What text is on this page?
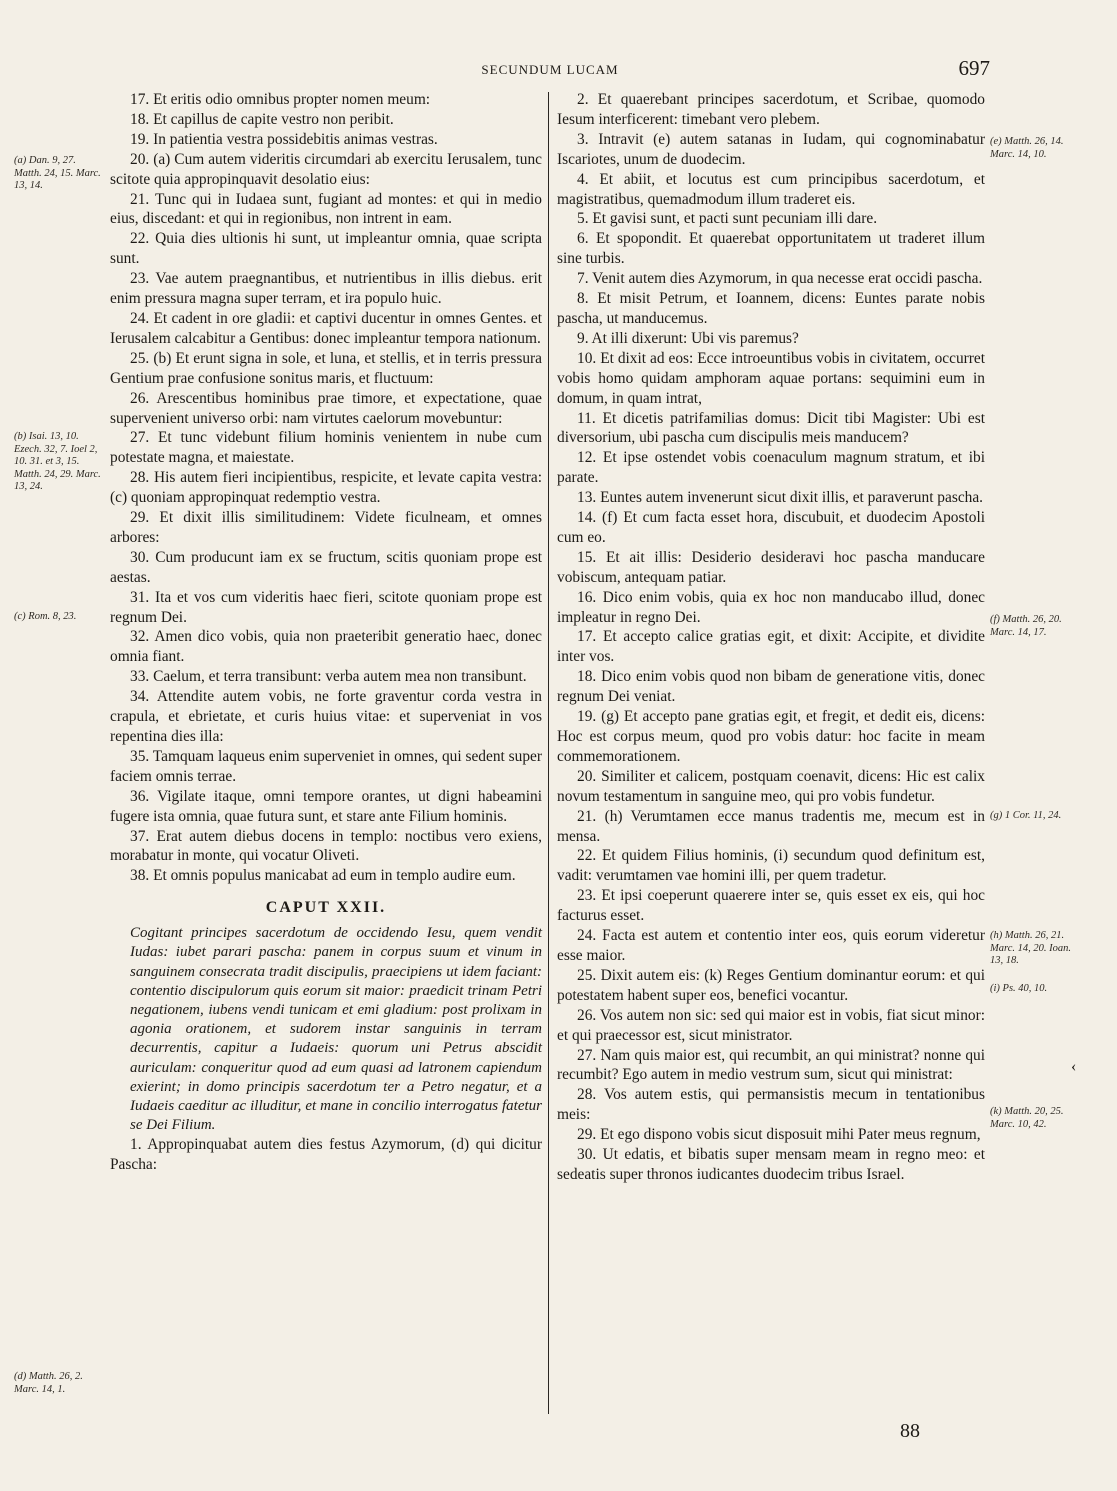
SECUNDUM LUCAM	697
(a) Dan. 9, 27. Matth. 24, 15. Marc. 13, 14.
(b) Isai. 13, 10. Ezech. 32, 7. Ioel 2, 10. 31. et 3, 15. Matth. 24, 29. Marc. 13, 24.
(c) Rom. 8, 23.
(d) Matth. 26, 2. Marc. 14, 1.
(e) Matth. 26, 14. Marc. 14, 10.
(f) Matth. 26, 20. Marc. 14, 17.
(g) 1 Cor. 11, 24.
(h) Matth. 26, 21. Marc. 14, 20. Ioan. 13, 18.
(i) Ps. 40, 10.
(k) Matth. 20, 25. Marc. 10, 42.

17. Et eritis odio omnibus propter nomen meum:

18. Et capillus de capite vestro non peribit.

19. In patientia vestra possidebitis animas vestras.

20. (a) Cum autem videritis circumdari ab exercitu Ierusalem, tunc scitote quia appropinquavit desolatio eius:

21. Tunc qui in Iudaea sunt, fugiant ad montes: et qui in medio eius, discedant: et qui in regionibus, non intrent in eam.

22. Quia dies ultionis hi sunt, ut impleantur omnia, quae scripta sunt.

23. Vae autem praegnantibus, et nutrientibus in illis diebus. erit enim pressura magna super terram, et ira populo huic.

24. Et cadent in ore gladii: et captivi ducentur in omnes Gentes. et Ierusalem calcabitur a Gentibus: donec impleantur tempora nationum.

25. (b) Et erunt signa in sole, et luna, et stellis, et in terris pressura Gentium prae confusione sonitus maris, et fluctuum:

26. Arescentibus hominibus prae timore, et expectatione, quae supervenient universo orbi: nam virtutes caelorum movebuntur:

27. Et tunc videbunt filium hominis venientem in nube cum potestate magna, et maiestate.

28. His autem fieri incipientibus, respicite, et levate capita vestra: (c) quoniam appropinquat redemptio vestra.

29. Et dixit illis similitudinem: Videte ficulneam, et omnes arbores:

30. Cum producunt iam ex se fructum, scitis quoniam prope est aestas.

31. Ita et vos cum videritis haec fieri, scitote quoniam prope est regnum Dei.

32. Amen dico vobis, quia non praeteribit generatio haec, donec omnia fiant.

33. Caelum, et terra transibunt: verba autem mea non transibunt.

34. Attendite autem vobis, ne forte graventur corda vestra in crapula, et ebrietate, et curis huius vitae: et superveniat in vos repentina dies illa:

35. Tamquam laqueus enim superveniet in omnes, qui sedent super faciem omnis terrae.

36. Vigilate itaque, omni tempore orantes, ut digni habeamini fugere ista omnia, quae futura sunt, et stare ante Filium hominis.

37. Erat autem diebus docens in templo: noctibus vero exiens, morabatur in monte, qui vocatur Oliveti.

38. Et omnis populus manicabat ad eum in templo audire eum.

CAPUT XXII.

Cogitant principes sacerdotum de occidendo Iesu, quem vendit Iudas: iubet parari pascha: panem in corpus suum et vinum in sanguinem consecrata tradit discipulis, praecipiens ut idem faciant: contentio discipulorum quis eorum sit maior: praedicit trinam Petri negationem, iubens vendi tunicam et emi gladium: post prolixam in agonia orationem, et sudorem instar sanguinis in terram decurrentis, capitur a Iudaeis: quorum uni Petrus abscidit auriculam: conqueritur quod ad eum quasi ad latronem capiendum exierint; in domo principis sacerdotum ter a Petro negatur, et a Iudaeis caeditur ac illuditur, et mane in concilio interrogatus fatetur se Dei Filium.

1. Appropinquabat autem dies festus Azymorum, (d) qui dicitur Pascha:

2. Et quaerebant principes sacerdotum, et Scribae, quomodo Iesum interficerent: timebant vero plebem.

3. Intravit (e) autem satanas in Iudam, qui cognominabatur Iscariotes, unum de duodecim.

4. Et abiit, et locutus est cum principibus sacerdotum, et magistratibus, quemadmodum illum traderet eis.

5. Et gavisi sunt, et pacti sunt pecuniam illi dare.

6. Et spopondit. Et quaerebat opportunitatem ut traderet illum sine turbis.

7. Venit autem dies Azymorum, in qua necesse erat occidi pascha.

8. Et misit Petrum, et Ioannem, dicens: Euntes parate nobis pascha, ut manducemus.

9. At illi dixerunt: Ubi vis paremus?

10. Et dixit ad eos: Ecce introeuntibus vobis in civitatem, occurret vobis homo quidam amphoram aquae portans: sequimini eum in domum, in quam intrat,

11. Et dicetis patrifamilias domus: Dicit tibi Magister: Ubi est diversorium, ubi pascha cum discipulis meis manducem?

12. Et ipse ostendet vobis coenaculum magnum stratum, et ibi parate.

13. Euntes autem invenerunt sicut dixit illis, et paraverunt pascha.

14. (f) Et cum facta esset hora, discubuit, et duodecim Apostoli cum eo.

15. Et ait illis: Desiderio desideravi hoc pascha manducare vobiscum, antequam patiar.

16. Dico enim vobis, quia ex hoc non manducabo illud, donec impleatur in regno Dei.

17. Et accepto calice gratias egit, et dixit: Accipite, et dividite inter vos.

18. Dico enim vobis quod non bibam de generatione vitis, donec regnum Dei veniat.

19. (g) Et accepto pane gratias egit, et fregit, et dedit eis, dicens: Hoc est corpus meum, quod pro vobis datur: hoc facite in meam commemorationem.

20. Similiter et calicem, postquam coenavit, dicens: Hic est calix novum testamentum in sanguine meo, qui pro vobis fundetur.

21. (h) Verumtamen ecce manus tradentis me, mecum est in mensa.

22. Et quidem Filius hominis, (i) secundum quod definitum est, vadit: verumtamen vae homini illi, per quem tradetur.

23. Et ipsi coeperunt quaerere inter se, quis esset ex eis, qui hoc facturus esset.

24. Facta est autem et contentio inter eos, quis eorum videretur esse maior.

25. Dixit autem eis: (k) Reges Gentium dominantur eorum: et qui potestatem habent super eos, benefici vocantur.

26. Vos autem non sic: sed qui maior est in vobis, fiat sicut minor: et qui praecessor est, sicut ministrator.

27. Nam quis maior est, qui recumbit, an qui ministrat? nonne qui recumbit? Ego autem in medio vestrum sum, sicut qui ministrat:

28. Vos autem estis, qui permansistis mecum in tentationibus meis:

29. Et ego dispono vobis sicut disposuit mihi Pater meus regnum,

30. Ut edatis, et bibatis super mensam meam in regno meo: et sedeatis super thronos iudicantes duodecim tribus Israel.

88
‹
